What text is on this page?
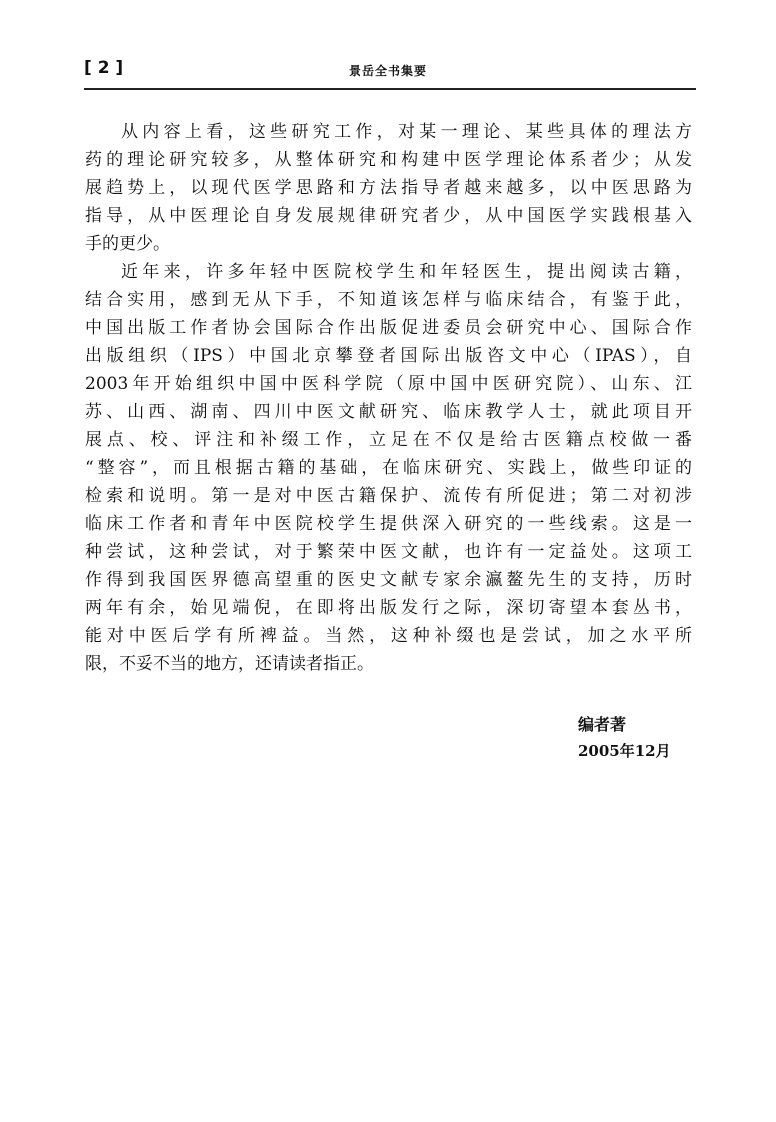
[ 2 ]	景岳全书集要
从内容上看，这些研究工作，对某一理论、某些具体的理法方
药的理论研究较多，从整体研究和构建中医学理论体系者少；从发
展趋势上，以现代医学思路和方法指导者越来越多，以中医思路为
指导，从中医理论自身发展规律研究者少，从中国医学实践根基入
手的更少。
近年来，许多年轻中医院校学生和年轻医生，提出阅读古籍，
结合实用，感到无从下手，不知道该怎样与临床结合，有鉴于此，
中国出版工作者协会国际合作出版促进委员会研究中心、国际合作
出版组织（IPS）中国北京攀登者国际出版咨文中心（IPAS），自
2003年开始组织中国中医科学院（原中国中医研究院）、山东、江
苏、山西、湖南、四川中医文献研究、临床教学人士，就此项目开
展点、校、评注和补缀工作，立足在不仅是给古医籍点校做一番
“整容”，而且根据古籍的基础，在临床研究、实践上，做些印证的
检索和说明。第一是对中医古籍保护、流传有所促进；第二对初涉
临床工作者和青年中医院校学生提供深入研究的一些线索。这是一
种尝试，这种尝试，对于繁荣中医文献，也许有一定益处。这项工
作得到我国医界德高望重的医史文献专家余瀛鳌先生的支持，历时
两年有余，始见端倪，在即将出版发行之际，深切寄望本套丛书，
能对中医后学有所裨益。当然，这种补缀也是尝试，加之水平所
限，不妥不当的地方，还请读者指正。
编者著
2005年12月
